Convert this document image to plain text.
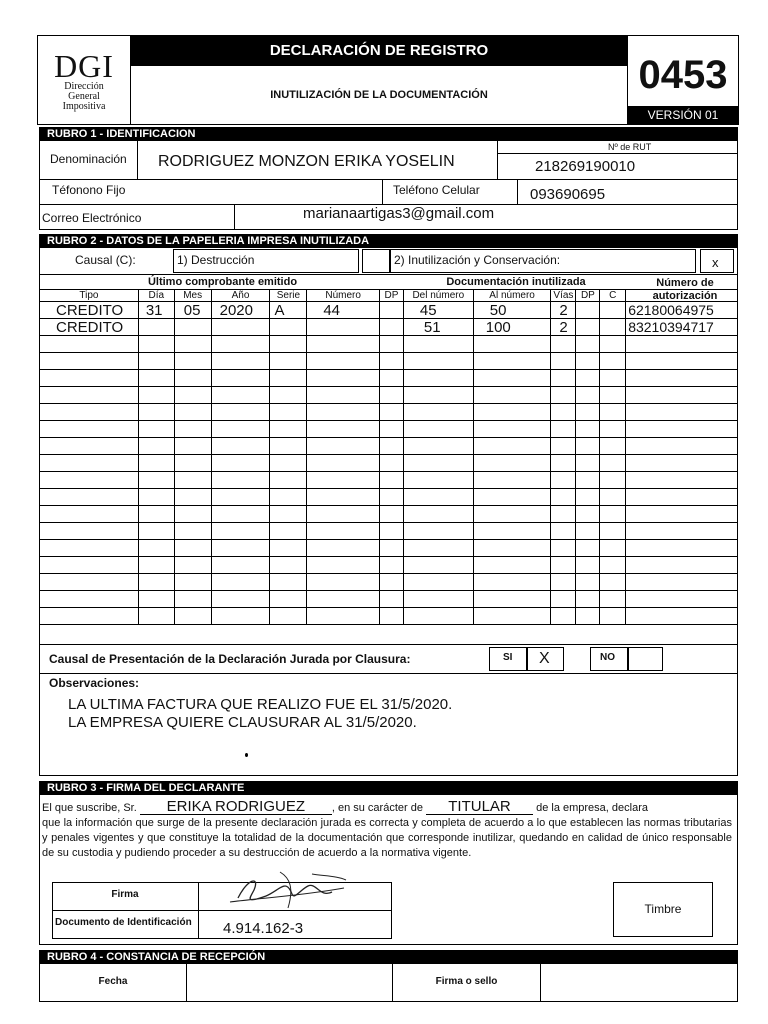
DGI
Dirección
General
Impositiva
DECLARACIÓN DE REGISTRO
INUTILIZACIÓN DE LA DOCUMENTACIÓN	0453
VERSIÓN 01
RUBRO 1 - IDENTIFICACION
Denominación RODRIGUEZ MONZON ERIKA YOSELIN
Nº de RUT
218269190010
Téfonono Fijo	Teléfono Celular	093690695
Correo Electrónico	marianaartigas3@gmail.com
RUBRO 2 - DATOS DE LA PAPELERIA IMPRESA INUTILIZADA
Causal (C):	1) Destrucción	2) Inutilización y Conservación:	x
Último comprobante emitido	Documentación inutilizada	Número de autorización
Tipo	Día	Mes	Año	Serie	Número	DP	Del número	Al número	Vías	DP	C	
CREDITO	31	05	2020	A	44		45	50	2			62180064975
CREDITO							51	100	2			83210394717

Causal de Presentación de la Declaración Jurada por Clausura:	SI X	NO
Observaciones:
LA ULTIMA FACTURA QUE REALIZO FUE EL 31/5/2020.
LA EMPRESA QUIERE CLAUSURAR AL 31/5/2020.
RUBRO 3 - FIRMA DEL DECLARANTE
El que suscribe, Sr. ERIKA RODRIGUEZ , en su carácter de TITULAR de la empresa, declara

que la información que surge de la presente declaración jurada es correcta y completa de acuerdo a lo que establecen las normas tributarias y penales vigentes y que constituye la totalidad de la documentación que corresponde inutilizar, quedando en calidad de único responsable de su custodia y pudiendo proceder a su destrucción de acuerdo a la normativa vigente.

Firma
Documento de Identificación 4.914.162-3
Timbre
RUBRO 4 - CONSTANCIA DE RECEPCIÓN
Fecha	Firma o sello
